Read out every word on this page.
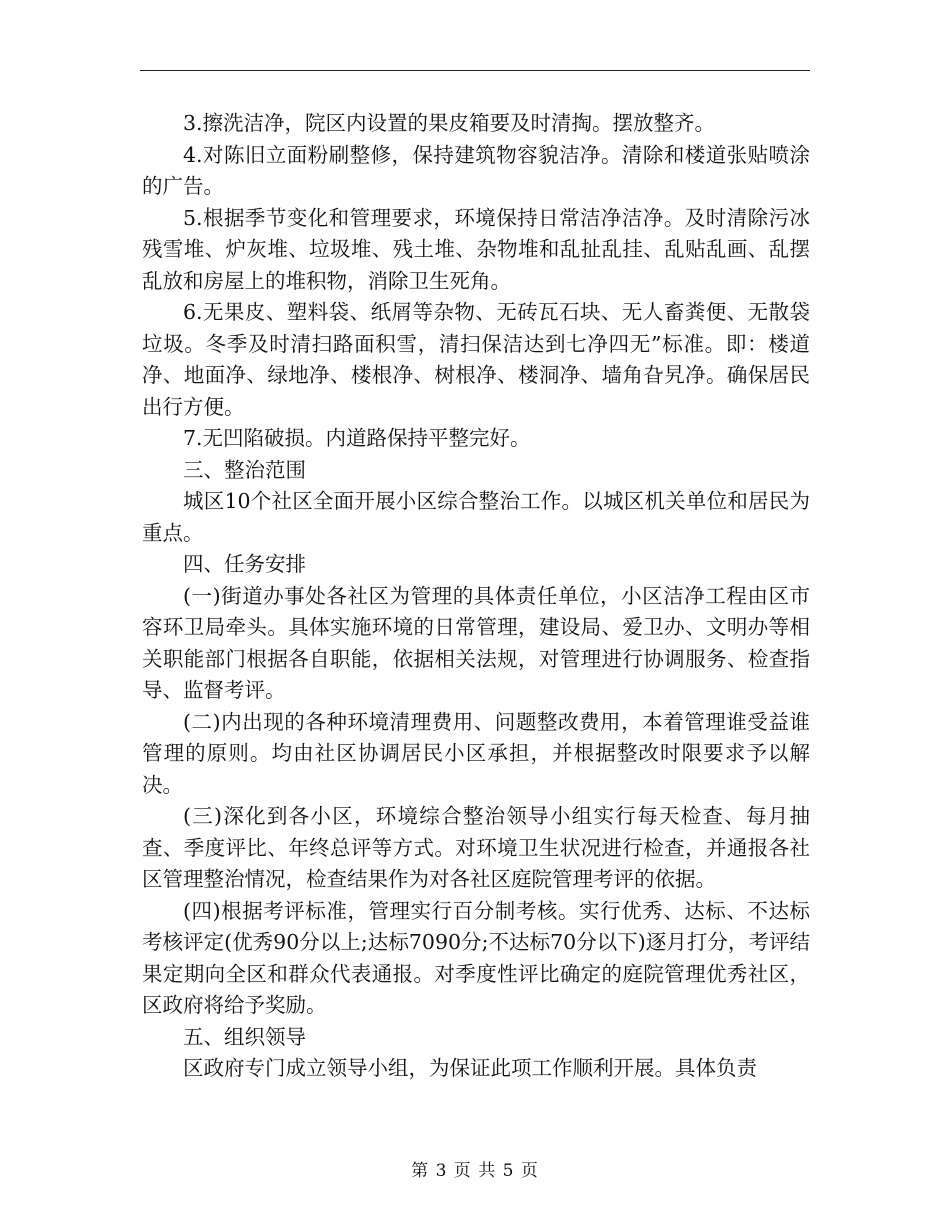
3.擦洗洁净，院区内设置的果皮箱要及时清掏。摆放整齐。

4.对陈旧立面粉刷整修，保持建筑物容貌洁净。清除和楼道张贴喷涂的广告。

5.根据季节变化和管理要求，环境保持日常洁净洁净。及时清除污冰残雪堆、炉灰堆、垃圾堆、残土堆、杂物堆和乱扯乱挂、乱贴乱画、乱摆乱放和房屋上的堆积物，消除卫生死角。

6.无果皮、塑料袋、纸屑等杂物、无砖瓦石块、无人畜粪便、无散袋垃圾。冬季及时清扫路面积雪，清扫保洁达到七净四无”标准。即：楼道净、地面净、绿地净、楼根净、树根净、楼洞净、墙角旮旯净。确保居民出行方便。

7.无凹陷破损。内道路保持平整完好。

三、整治范围

城区10个社区全面开展小区综合整治工作。以城区机关单位和居民为重点。

四、任务安排

(一)街道办事处各社区为管理的具体责任单位，小区洁净工程由区市容环卫局牵头。具体实施环境的日常管理，建设局、爱卫办、文明办等相关职能部门根据各自职能，依据相关法规，对管理进行协调服务、检查指导、监督考评。

(二)内出现的各种环境清理费用、问题整改费用，本着管理谁受益谁管理的原则。均由社区协调居民小区承担，并根据整改时限要求予以解决。

(三)深化到各小区，环境综合整治领导小组实行每天检查、每月抽查、季度评比、年终总评等方式。对环境卫生状况进行检查，并通报各社区管理整治情况，检查结果作为对各社区庭院管理考评的依据。

(四)根据考评标准，管理实行百分制考核。实行优秀、达标、不达标考核评定(优秀90分以上;达标7090分;不达标70分以下)逐月打分，考评结果定期向全区和群众代表通报。对季度性评比确定的庭院管理优秀社区，区政府将给予奖励。

五、组织领导

区政府专门成立领导小组，为保证此项工作顺利开展。具体负责

第 3 页 共 5 页
